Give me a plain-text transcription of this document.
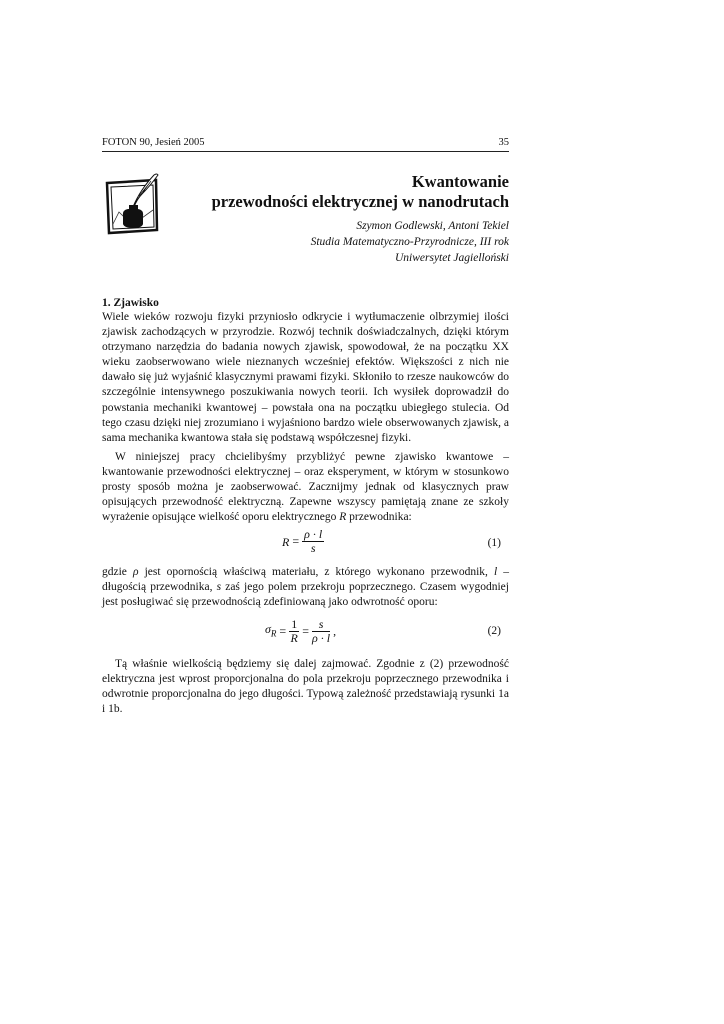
FOTON 90, Jesień 2005	35

Kwantowanie

przewodności elektrycznej w nanodrutach

Szymon Godlewski, Antoni Tekiel
Studia Matematyczno-Przyrodnicze, III rok
Uniwersytet Jagielloński
1. Zjawisko

Wiele wieków rozwoju fizyki przyniosło odkrycie i wytłumaczenie olbrzymiej ilości zjawisk zachodzących w przyrodzie. Rozwój technik doświadczalnych, dzięki którym otrzymano narzędzia do badania nowych zjawisk, spowodował, że na początku XX wieku zaobserwowano wiele nieznanych wcześniej efektów. Większości z nich nie dawało się już wyjaśnić klasycznymi prawami fizyki. Skłoniło to rzesze naukowców do szczególnie intensywnego poszukiwania nowych teorii. Ich wysiłek doprowadził do powstania mechaniki kwantowej – powstała ona na początku ubiegłego stulecia. Od tego czasu dzięki niej zrozumiano i wyjaśniono bardzo wiele obserwowanych zjawisk, a sama mechanika kwantowa stała się podstawą współczesnej fizyki.

W niniejszej pracy chcielibyśmy przybliżyć pewne zjawisko kwantowe – kwantowanie przewodności elektrycznej – oraz eksperyment, w którym w stosunkowo prosty sposób można je zaobserwować. Zacznijmy jednak od klasycznych praw opisujących przewodność elektryczną. Zapewne wszyscy pamiętają znane ze szkoły wyrażenie opisujące wielkość oporu elektrycznego R przewodnika:

$R = \frac{\rho \cdot l}{s}$	(1)

gdzie ρ jest opornością właściwą materiału, z którego wykonano przewodnik, l – długością przewodnika, s zaś jego polem przekroju poprzecznego. Czasem wygodniej jest posługiwać się przewodnością zdefiniowaną jako odwrotność oporu:

$\sigma_R = \frac{1}{R} = \frac{s}{\rho \cdot l}$ ,	(2)

Tą właśnie wielkością będziemy się dalej zajmować. Zgodnie z (2) przewodność elektryczna jest wprost proporcjonalna do pola przekroju poprzecznego przewodnika i odwrotnie proporcjonalna do jego długości. Typową zależność przedstawiają rysunki 1a i 1b.
